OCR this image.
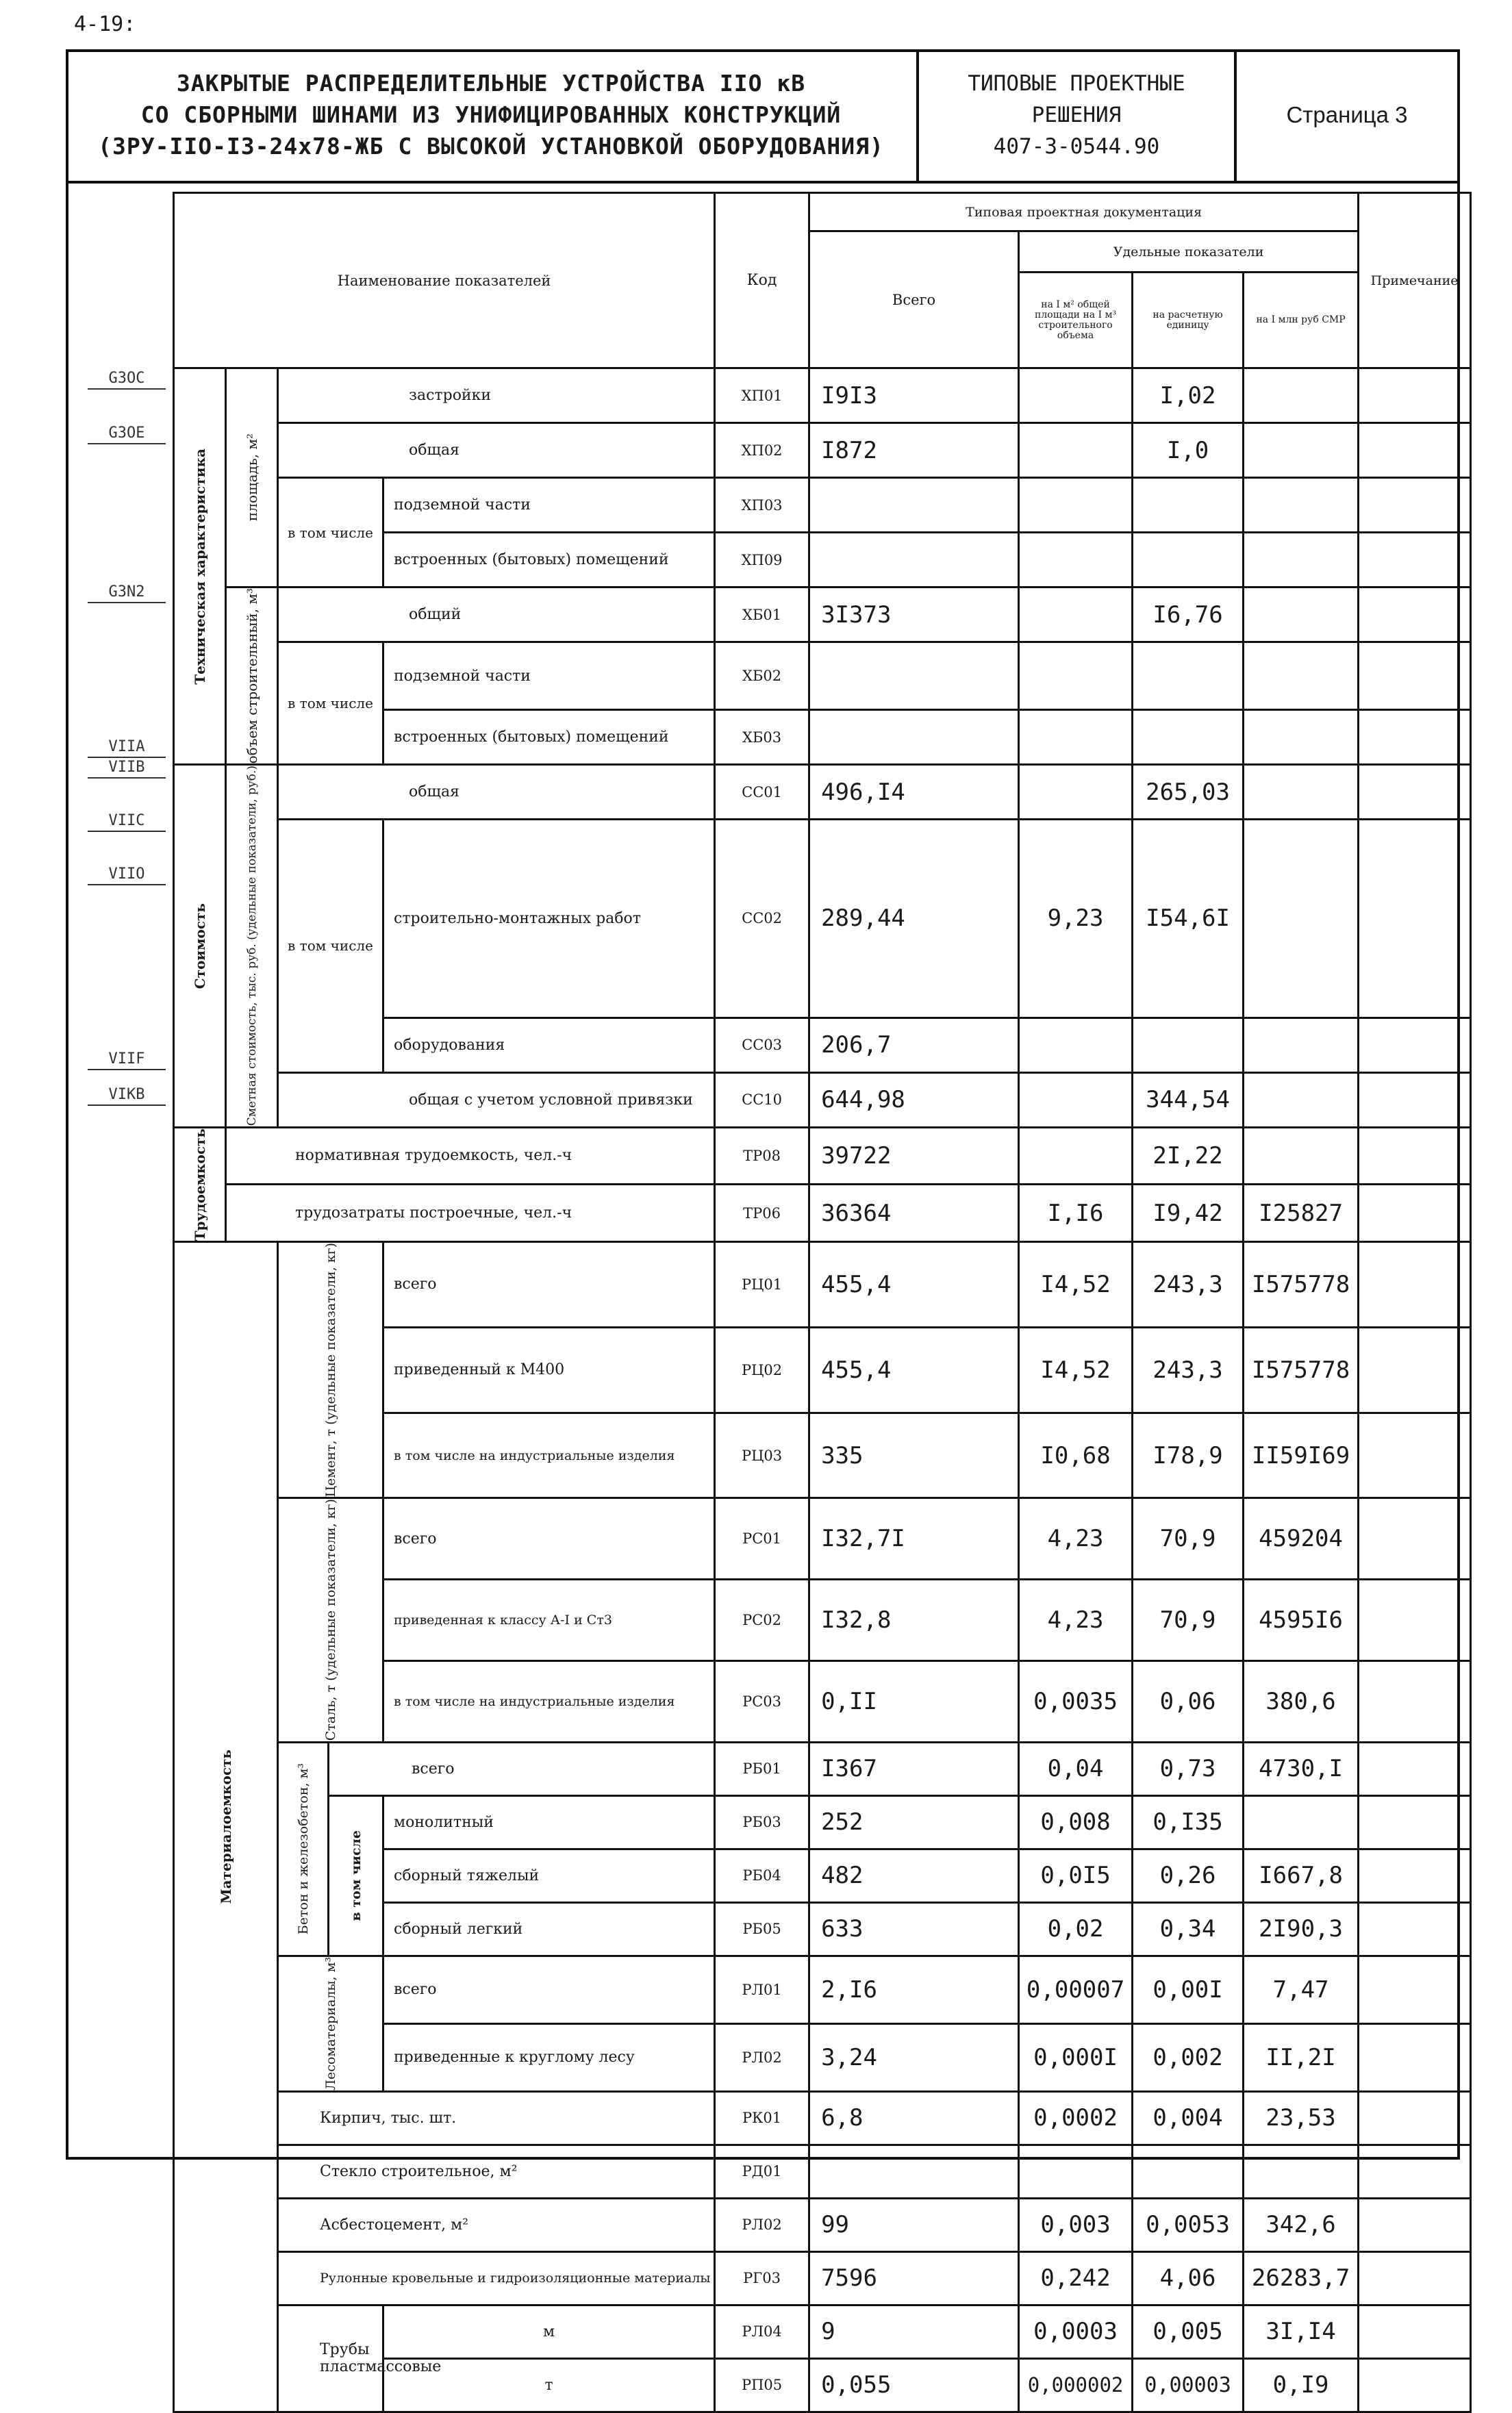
4-19:
ЗАКРЫТЫЕ РАСПРЕДЕЛИТЕЛЬНЫЕ УСТРОЙСТВА IIO кВ
СО СБОРНЫМИ ШИНАМИ ИЗ УНИФИЦИРОВАННЫХ КОНСТРУКЦИЙ
(ЗРУ-IIO-I3-24x78-ЖБ С ВЫСОКОЙ УСТАНОВКОЙ ОБОРУДОВАНИЯ)
ТИПОВЫЕ ПРОЕКТНЫЕ
РЕШЕНИЯ
407-3-0544.90
Страница 3
G3OC
G3OE
G3N2
VIIA
VIIB
VIIC
VIIO
VIIF
VIKB
Наименование показателей					Код	Типовая проектная документация				Примечание
						Всего	Удельные показатели			
							на I м² общей площади на I м³ строительного объема	на расчетную единицу	на I млн руб СМР	

Техническая характеристика	площадь, м²	застройки			ХП01	I9I3		I,02		
		общая			ХП02	I872		I,0		
		в том числе		подземной части	ХП03					
				встроенных (бытовых) помещений	ХП09					

	объем строительный, м³	общий			ХБ01	3I373		I6,76		
		в том числе		подземной части	ХБ02					
				встроенных (бытовых) помещений	ХБ03					

Стоимость	Сметная стоимость, тыс. руб. (удельные показатели, руб.)	общая			СС01	496,I4		265,03		
		в том числе		строительно-монтажных работ	СС02	289,44	9,23	I54,6I		
				оборудования	СС03	206,7				
		общая с учетом условной привязки			СС10	644,98		344,54		

Трудоемкость	нормативная трудоемкость, чел.-ч				ТР08	39722		2I,22		
	трудозатраты построечные, чел.-ч				ТР06	36364	I,I6	I9,42	I25827	

Материалоемкость		Цемент, т (удельные показатели, кг)		всего	РЦ01	455,4	I4,52	243,3	I575778	
				приведенный к М400	РЦ02	455,4	I4,52	243,3	I575778	
				в том числе на индустриальные изделия	РЦ03	335	I0,68	I78,9	II59I69	

		Сталь, т (удельные показатели, кг)		всего	РС01	I32,7I	4,23	70,9	459204	
				приведенная к классу А-I и Ст3	РС02	I32,8	4,23	70,9	4595I6	
				в том числе на индустриальные изделия	РС03	0,II	0,0035	0,06	380,6	

		Бетон и железобетон, м³	всего		РБ01	I367	0,04	0,73	4730,I	

			в том числе	монолитный	РБ03	252	0,008	0,I35		
				сборный тяжелый	РБ04	482	0,0I5	0,26	I667,8	
				сборный легкий	РБ05	633	0,02	0,34	2I90,3	

		Лесоматериалы, м³		всего	РЛ01	2,I6	0,00007	0,00I	7,47	
				приведенные к круглому лесу	РЛ02	3,24	0,000I	0,002	II,2I	
		Кирпич, тыс. шт.			РК01	6,8	0,0002	0,004	23,53	
		Стекло строительное, м²			РД01					
		Асбестоцемент, м²			РЛ02	99	0,003	0,0053	342,6	
		Рулонные кровельные и гидроизоляционные материалы			РГ03	7596	0,242	4,06	26283,7	
		Трубы пластмассовые		м	РЛ04	9	0,0003	0,005	3I,I4	
				т	РП05	0,055	0,000002	0,00003	0,I9	
